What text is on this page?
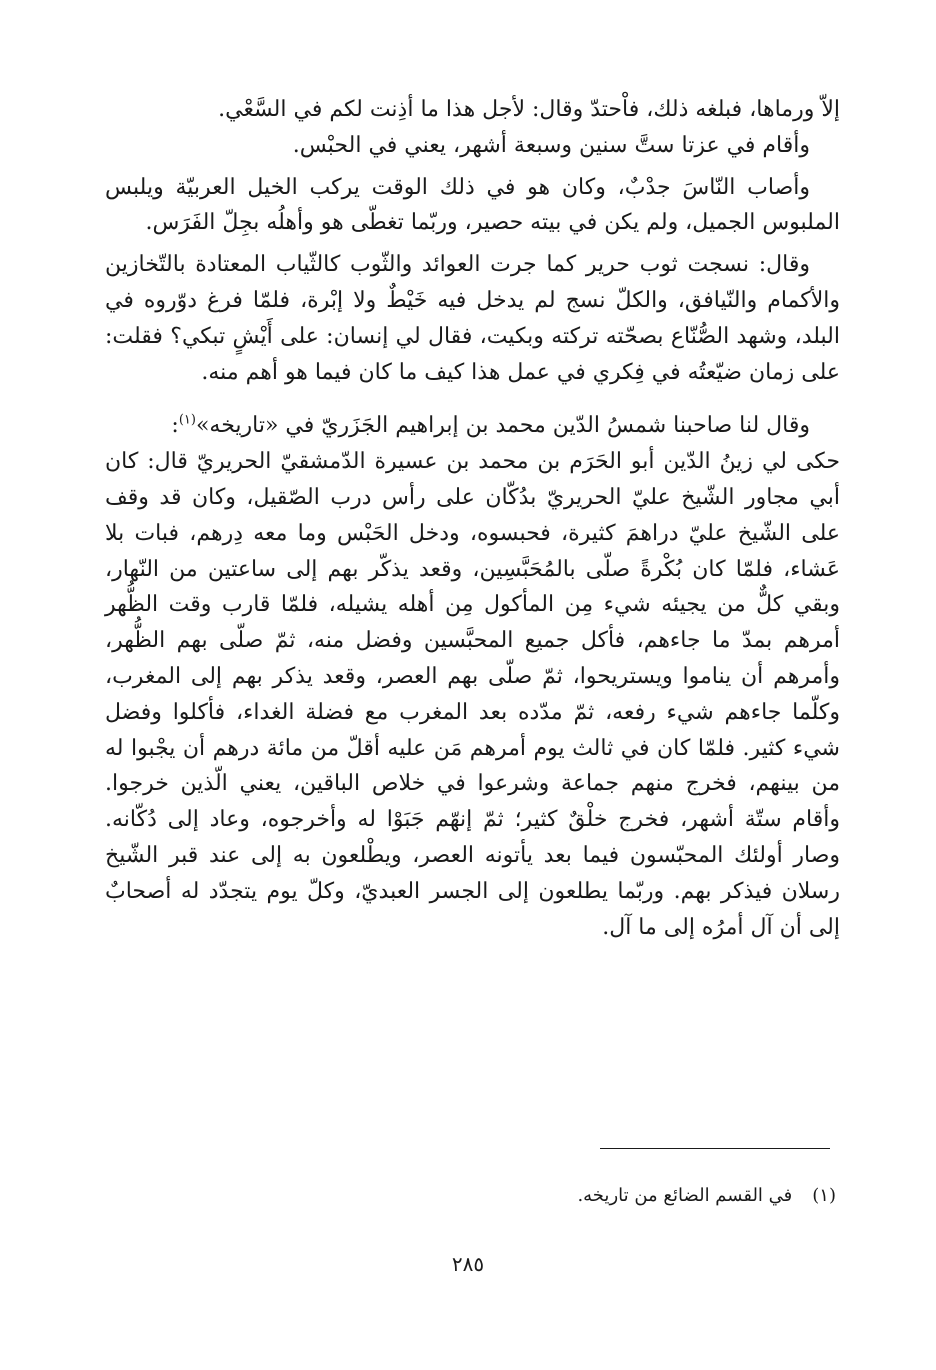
إلاّ ورماها، فبلغه ذلك، فاْحتدّ وقال: لأجل هذا ما أذِنت لكم في السَّعْي.

وأقام في عزتا ستَّ سنين وسبعة أشهر، يعني في الحبْس.

وأصاب النّاسَ جدْبٌ، وكان هو في ذلك الوقت يركب الخيل العربيّة ويلبس الملبوس الجميل، ولم يكن في بيته حصير، وربّما تغطّى هو وأهلُه بجِلّ الفَرَس.

وقال: نسجت ثوب حرير كما جرت العوائد والثّوب كالثّياب المعتادة بالتّخازين والأكمام والنّيافق، والكلّ نسج لم يدخل فيه خَيْطٌ ولا إبْرة، فلمّا فرغ دوّروه في البلد، وشهد الصُّنّاع بصحّته تركته وبكيت، فقال لي إنسان: على أَيْشٍ تبكي؟ فقلت: على زمان ضيّعتُه في فِكري في عمل هذا كيف ما كان فيما هو أهم منه.

وقال لنا صاحبنا شمسُ الدّين محمد بن إبراهيم الجَزَريّ في «تاريخه»$^{(١)}$:

حكى لي زينُ الدّين أبو الحَرَم بن محمد بن عسيرة الدّمشقيّ الحريريّ قال: كان أبي مجاور الشّيخ عليّ الحريريّ بدُكّان على رأس درب الصّقيل، وكان قد وقف على الشّيخ عليّ دراهمَ كثيرة، فحبسوه، ودخل الحَبْس وما معه دِرهم، فبات بلا عَشاء، فلمّا كان بُكْرةً صلّى بالمُحَبَّسِين، وقعد يذكّر بهم إلى ساعتين من النّهار، وبقي كلٌّ من يجيئه شيء مِن المأكول مِن أهله يشيله، فلمّا قارب وقت الظُّهر أمرهم بمدّ ما جاءهم، فأكل جميع المحبَّسين وفضل منه، ثمّ صلّى بهم الظُّهر، وأمرهم أن يناموا ويستريحوا، ثمّ صلّى بهم العصر، وقعد يذكر بهم إلى المغرب، وكلّما جاءهم شيء رفعه، ثمّ مدّده بعد المغرب مع فضلة الغداء، فأكلوا وفضل شيء كثير. فلمّا كان في ثالث يوم أمرهم مَن عليه أقلّ من مائة درهم أن يجْبوا له من بينهم، فخرج منهم جماعة وشرعوا في خلاص الباقين، يعني الّذين خرجوا. وأقام ستّة أشهر، فخرج خلْقٌ كثير؛ ثمّ إنهّم جَبَوْا له وأخرجوه، وعاد إلى دُكّانه. وصار أولئك المحبّسون فيما بعد يأتونه العصر، ويطْلعون به إلى عند قبر الشّيخ رسلان فيذكر بهم. وربّما يطلعون إلى الجسر العبديّ، وكلّ يوم يتجدّد له أصحابٌ إلى أن آل أمرُه إلى ما آل.

(١)في القسم الضائع من تاريخه.
٢٨٥
